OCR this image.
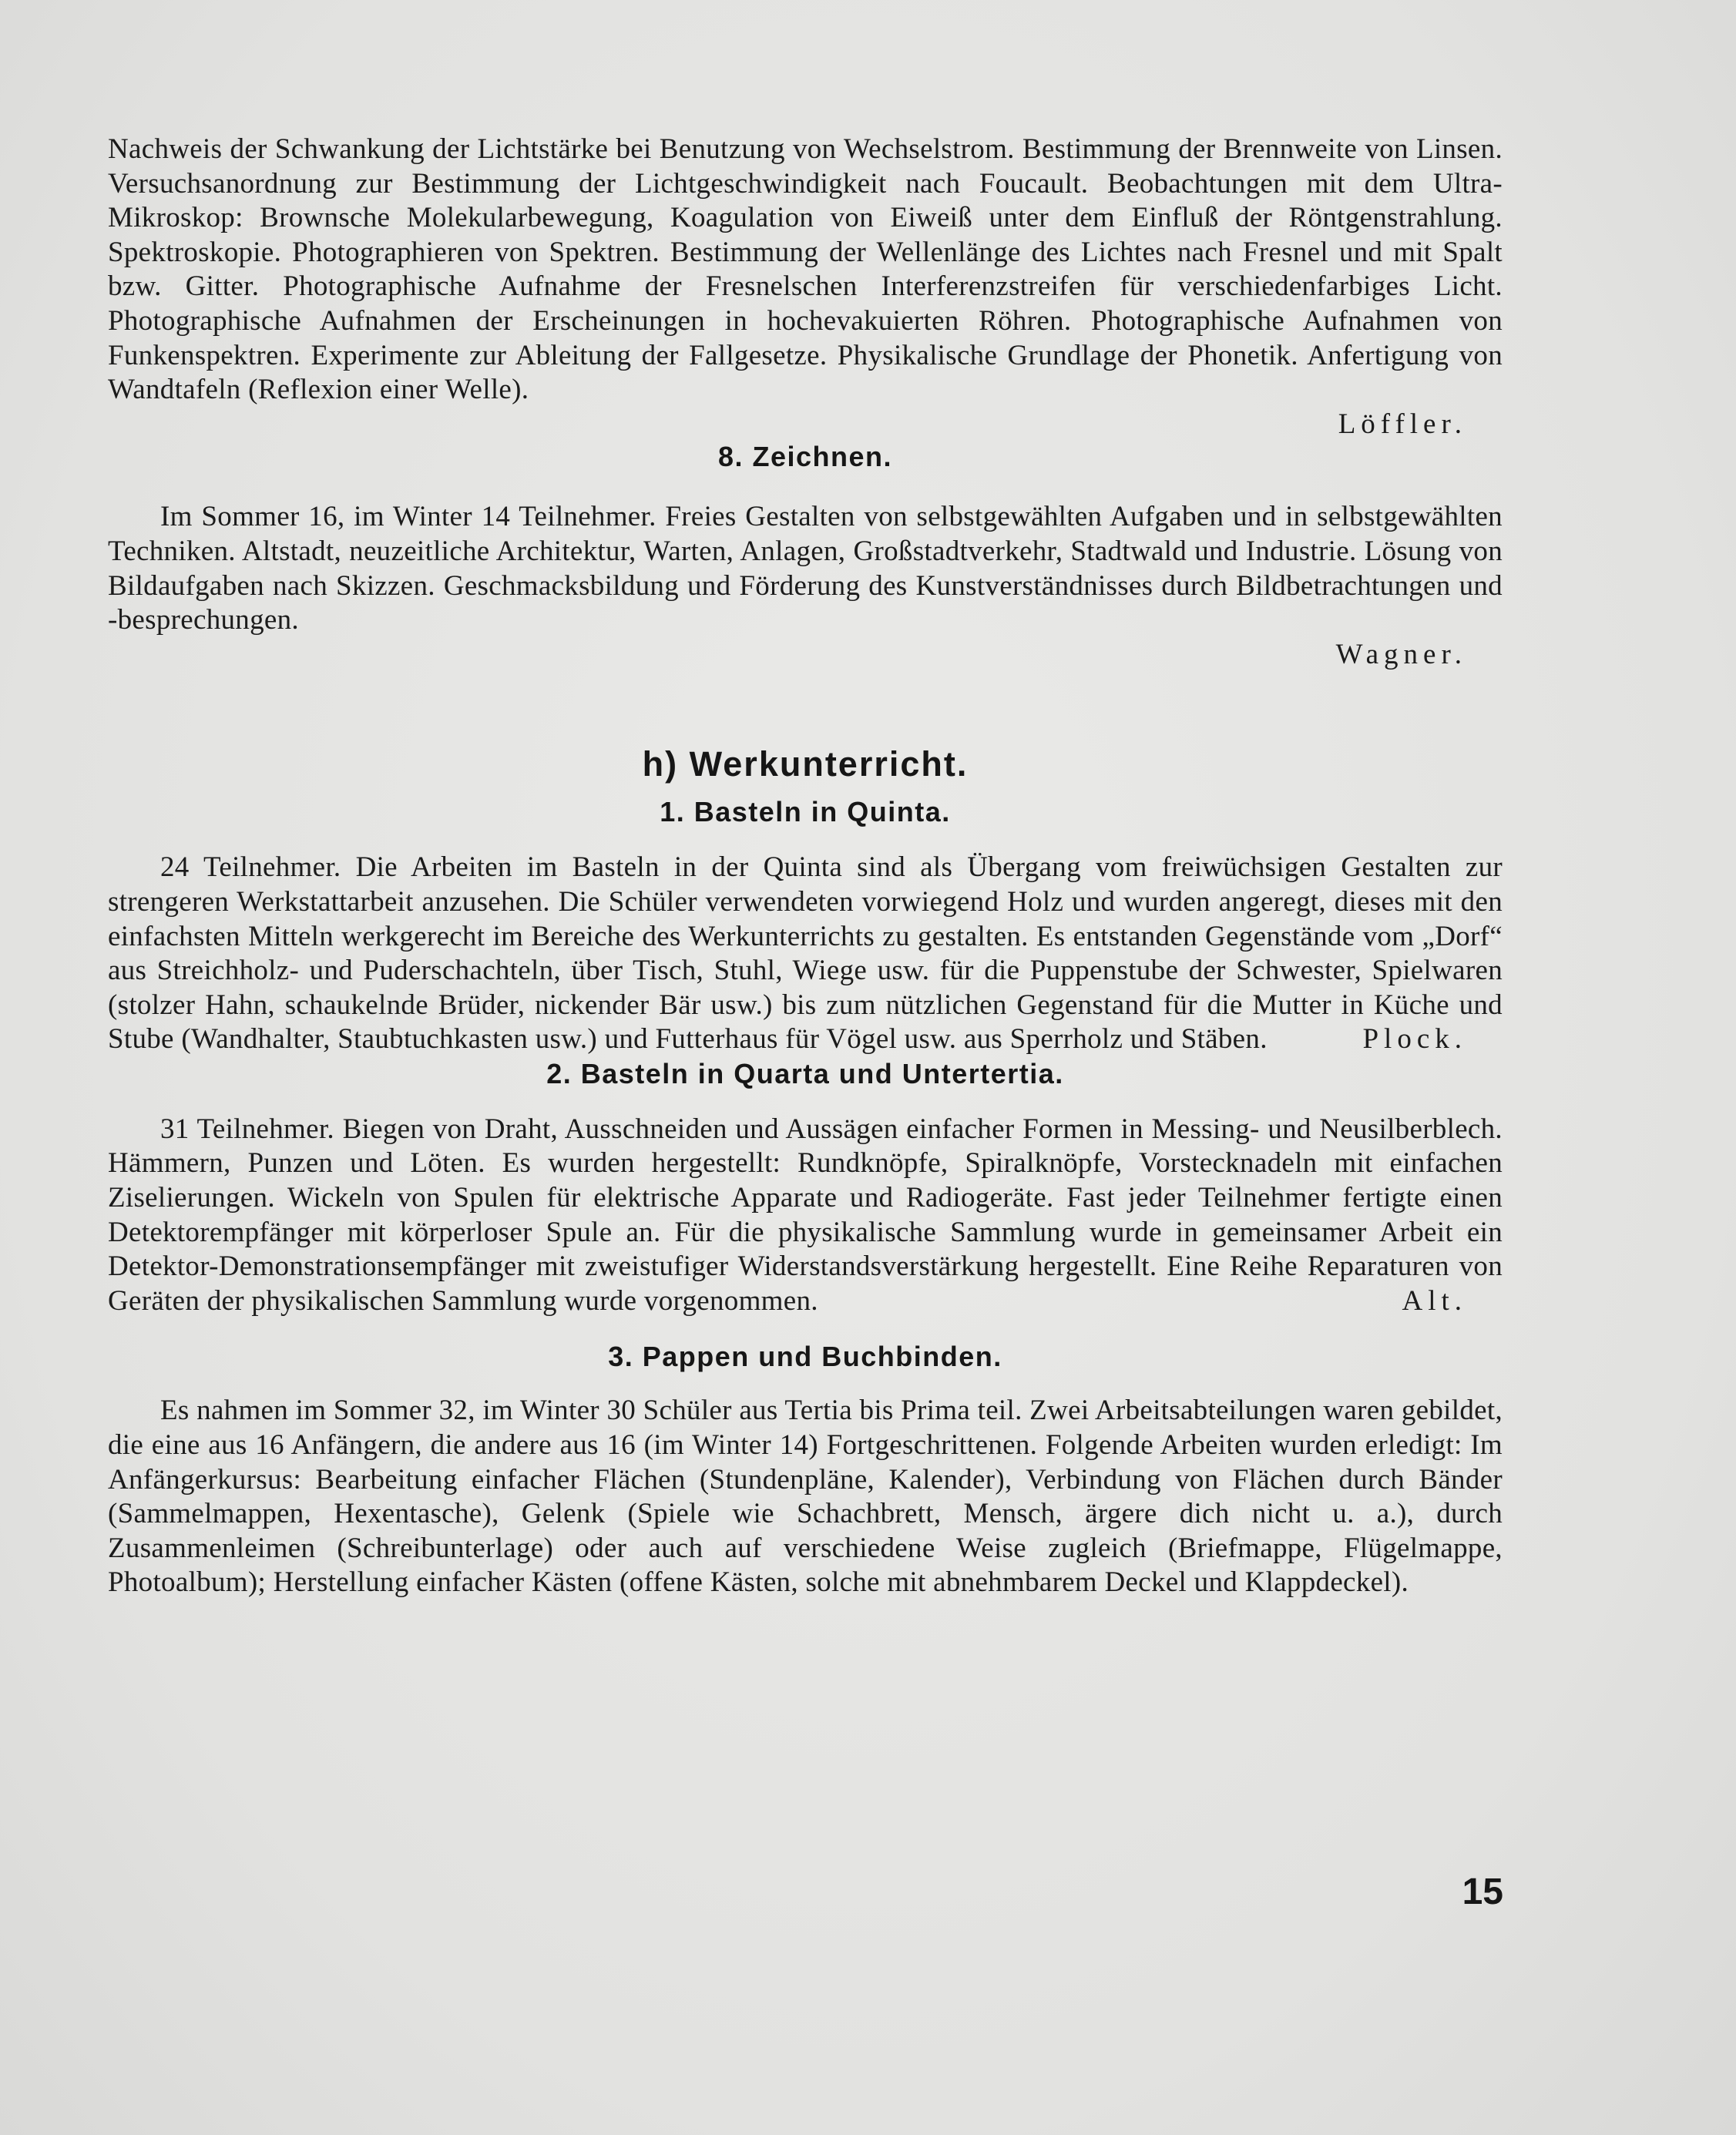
Nachweis der Schwankung der Lichtstärke bei Benutzung von Wechselstrom. Bestimmung der Brennweite von Linsen. Versuchsanordnung zur Bestimmung der Lichtgeschwindigkeit nach Foucault. Beobachtungen mit dem Ultra-Mikroskop: Brownsche Molekularbewegung, Koagulation von Eiweiß unter dem Einfluß der Röntgenstrahlung. Spektroskopie. Photographieren von Spektren. Bestimmung der Wellenlänge des Lichtes nach Fresnel und mit Spalt bzw. Gitter. Photographische Aufnahme der Fresnelschen Interferenzstreifen für verschiedenfarbiges Licht. Photographische Aufnahmen der Erscheinungen in hochevakuierten Röhren. Photographische Aufnahmen von Funkenspektren. Experimente zur Ableitung der Fallgesetze. Physikalische Grundlage der Phonetik. Anfertigung von Wandtafeln (Reflexion einer Welle).

Löffler.
8. Zeichnen.

Im Sommer 16, im Winter 14 Teilnehmer. Freies Gestalten von selbstgewählten Aufgaben und in selbstgewählten Techniken. Altstadt, neuzeitliche Architektur, Warten, Anlagen, Großstadtverkehr, Stadtwald und Industrie. Lösung von Bildaufgaben nach Skizzen. Geschmacksbildung und Förderung des Kunstverständnisses durch Bildbetrachtungen und -besprechungen.

Wagner.
h) Werkunterricht.
1. Basteln in Quinta.

24 Teilnehmer. Die Arbeiten im Basteln in der Quinta sind als Übergang vom freiwüchsigen Gestalten zur strengeren Werkstattarbeit anzusehen. Die Schüler verwendeten vorwiegend Holz und wurden angeregt, dieses mit den einfachsten Mitteln werkgerecht im Bereiche des Werkunterrichts zu gestalten. Es entstanden Gegenstände vom „Dorf“ aus Streichholz- und Puderschachteln, über Tisch, Stuhl, Wiege usw. für die Puppenstube der Schwester, Spielwaren (stolzer Hahn, schaukelnde Brüder, nickender Bär usw.) bis zum nützlichen Gegenstand für die Mutter in Küche und Stube (Wandhalter, Staubtuchkasten usw.) und Futterhaus für Vögel usw. aus Sperrholz und Stäben.	Plock.

2. Basteln in Quarta und Untertertia.

31 Teilnehmer. Biegen von Draht, Ausschneiden und Aussägen einfacher Formen in Messing- und Neusilberblech. Hämmern, Punzen und Löten. Es wurden hergestellt: Rundknöpfe, Spiralknöpfe, Vorstecknadeln mit einfachen Ziselierungen. Wickeln von Spulen für elektrische Apparate und Radiogeräte. Fast jeder Teilnehmer fertigte einen Detektorempfänger mit körperloser Spule an. Für die physikalische Sammlung wurde in gemeinsamer Arbeit ein Detektor-Demonstrationsempfänger mit zweistufiger Widerstandsverstärkung hergestellt. Eine Reihe Reparaturen von Geräten der physikalischen Sammlung wurde vorgenommen.	Alt.

3. Pappen und Buchbinden.

Es nahmen im Sommer 32, im Winter 30 Schüler aus Tertia bis Prima teil. Zwei Arbeitsabteilungen waren gebildet, die eine aus 16 Anfängern, die andere aus 16 (im Winter 14) Fortgeschrittenen. Folgende Arbeiten wurden erledigt: Im Anfängerkursus: Bearbeitung einfacher Flächen (Stundenpläne, Kalender), Verbindung von Flächen durch Bänder (Sammelmappen, Hexentasche), Gelenk (Spiele wie Schachbrett, Mensch, ärgere dich nicht u. a.), durch Zusammenleimen (Schreibunterlage) oder auch auf verschiedene Weise zugleich (Briefmappe, Flügelmappe, Photoalbum); Herstellung einfacher Kästen (offene Kästen, solche mit abnehmbarem Deckel und Klappdeckel).

15
